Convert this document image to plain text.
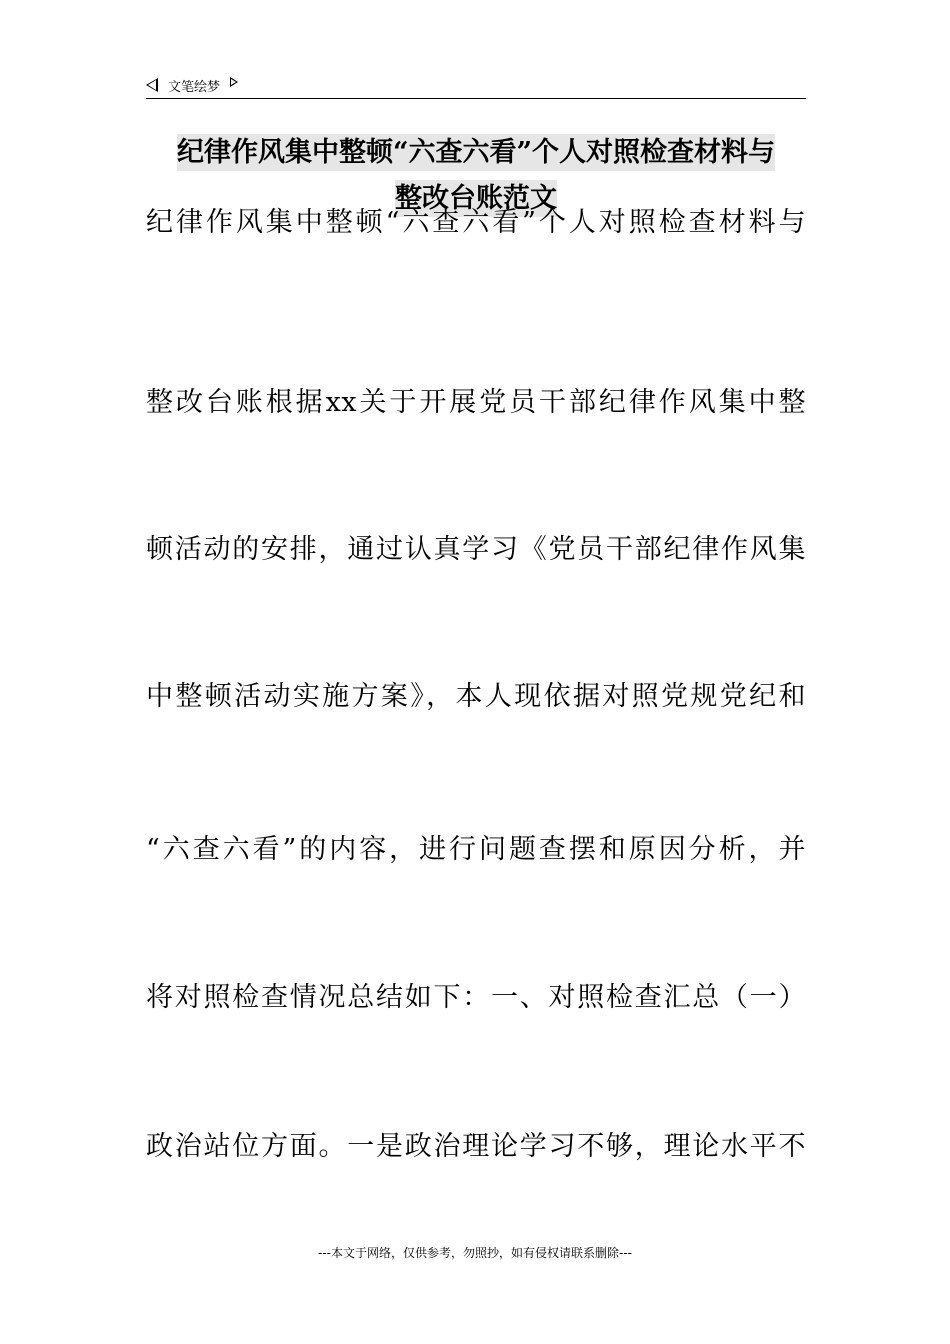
文笔绘梦
纪律作风集中整顿“六查六看”个人对照检查材料与
整改台账范文
纪律作风集中整顿“六查六看”个人对照检查材料与
整改台账根据xx关于开展党员干部纪律作风集中整
顿活动的安排，通过认真学习《党员干部纪律作风集
中整顿活动实施方案》，本人现依据对照党规党纪和
“六查六看”的内容，进行问题查摆和原因分析，并
将对照检查情况总结如下：一、对照检查汇总（一）
政治站位方面。一是政治理论学习不够，理论水平不
---本文于网络，仅供参考，勿照抄，如有侵权请联系删除---
